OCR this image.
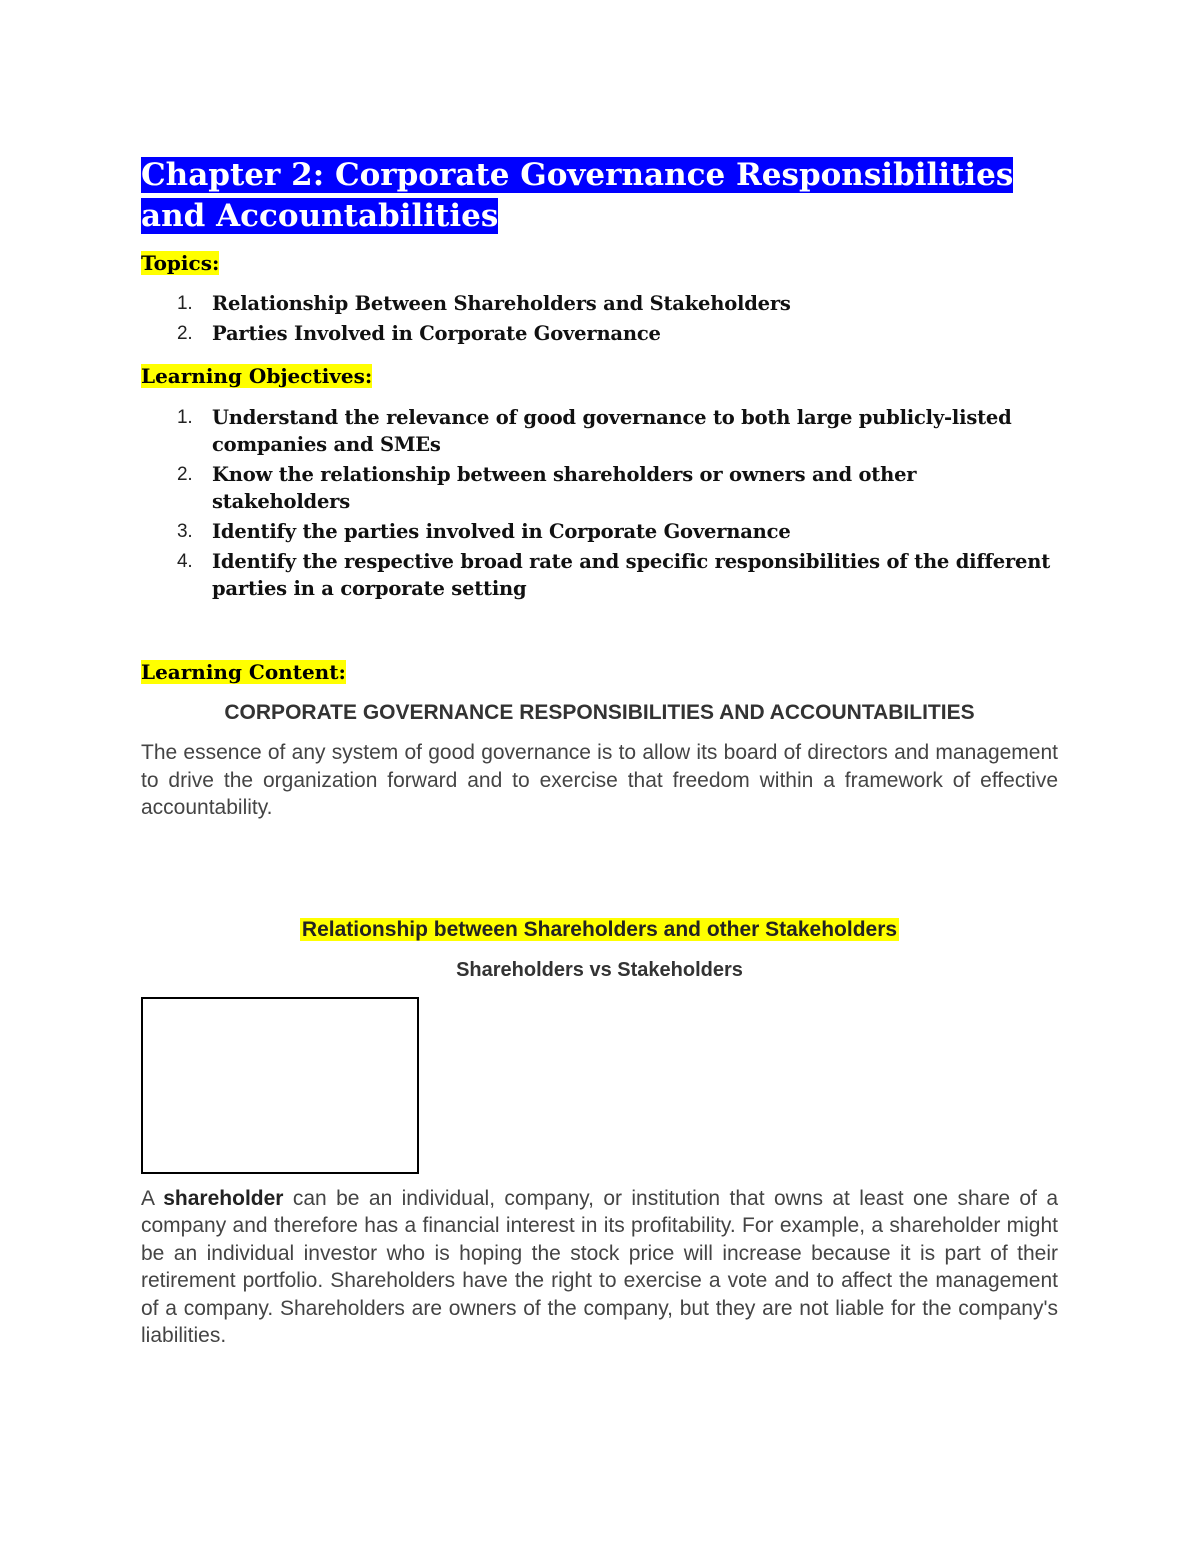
Chapter 2: Corporate Governance Responsibilities and Accountabilities
Topics:
1. Relationship Between Shareholders and Stakeholders
2. Parties Involved in Corporate Governance
Learning Objectives:
1. Understand the relevance of good governance to both large publicly-listed companies and SMEs
2. Know the relationship between shareholders or owners and other stakeholders
3. Identify the parties involved in Corporate Governance
4. Identify the respective broad rate and specific responsibilities of the different parties in a corporate setting
Learning Content:
CORPORATE GOVERNANCE RESPONSIBILITIES AND ACCOUNTABILITIES

The essence of any system of good governance is to allow its board of directors and management to drive the organization forward and to exercise that freedom within a framework of effective accountability.

Relationship between Shareholders and other Stakeholders
Shareholders vs Stakeholders

A shareholder can be an individual, company, or institution that owns at least one share of a company and therefore has a financial interest in its profitability. For example, a shareholder might be an individual investor who is hoping the stock price will increase because it is part of their retirement portfolio. Shareholders have the right to exercise a vote and to affect the management of a company. Shareholders are owners of the company, but they are not liable for the company's liabilities.
